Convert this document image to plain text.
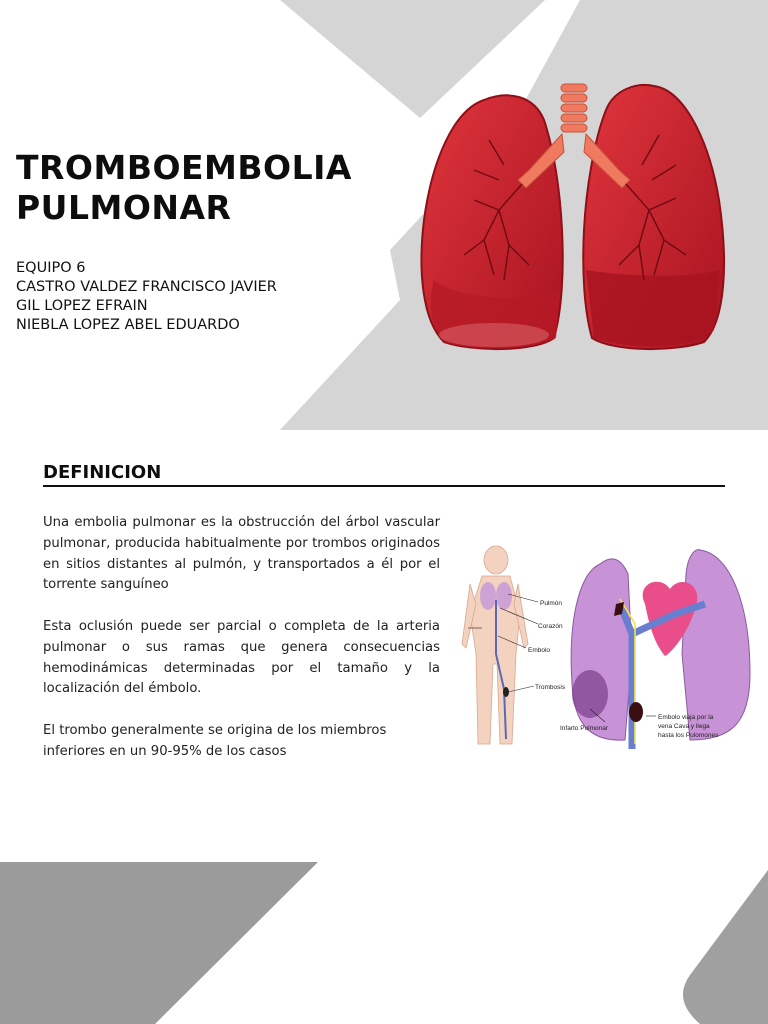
TROMBOEMBOLIA PULMONAR
EQUIPO 6
CASTRO VALDEZ FRANCISCO JAVIER
GIL LOPEZ EFRAIN
NIEBLA LOPEZ ABEL EDUARDO
DEFINICION

Una embolia pulmonar es la obstrucción del árbol vascular pulmonar, producida habitualmente por trombos originados en sitios distantes al pulmón, y transportados a él por el torrente sanguíneo

Esta oclusión puede ser parcial o completa de la arteria pulmonar o sus ramas que genera consecuencias hemodinámicas determinadas por el tamaño y la localización del émbolo.

El trombo generalmente se origina de los miembros inferiores en un 90-95% de los casos

Pulmón
Corazón
Embolo
Trombosis
Infarto Pulmonar
Embolo viaja por la
vena Cava y llega
hasta los Pulomones
